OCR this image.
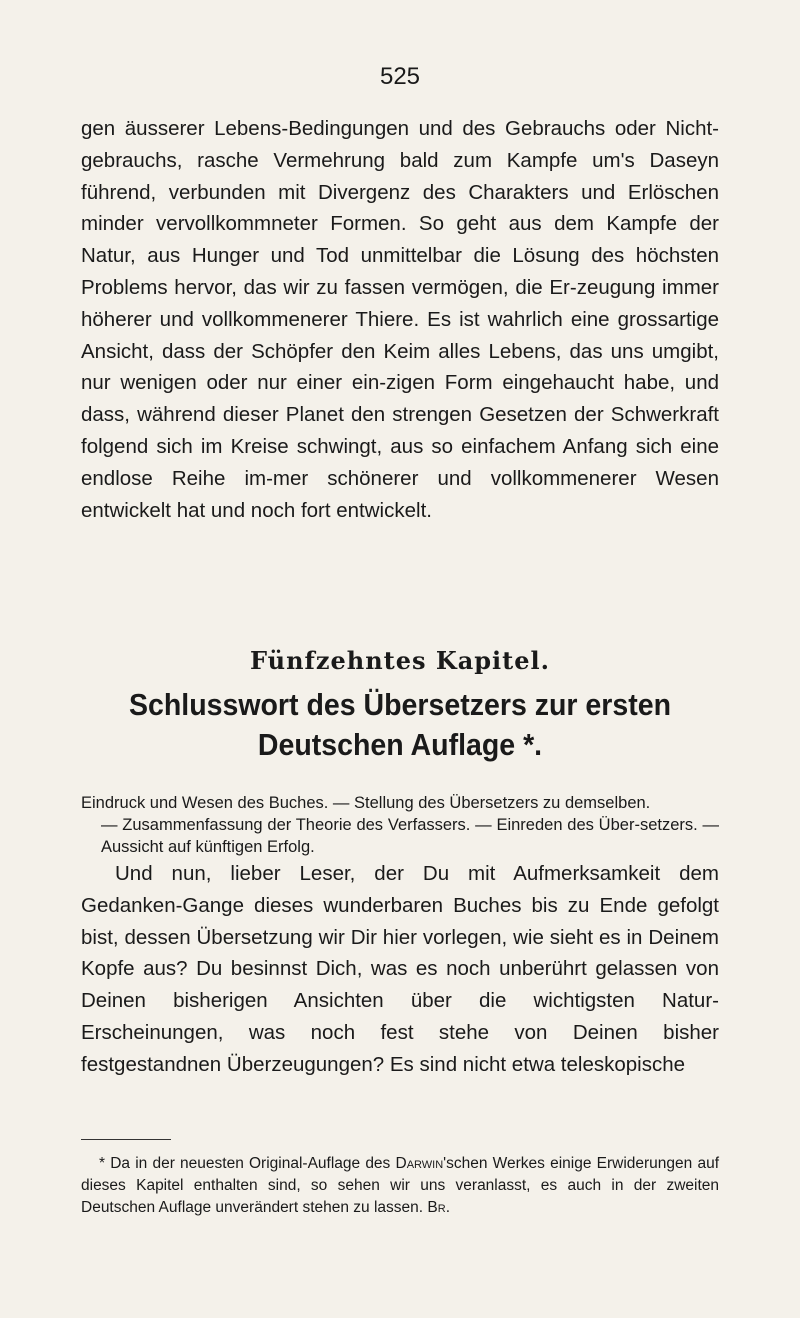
525

gen äusserer Lebens-Bedingungen und des Gebrauchs oder Nicht-gebrauchs, rasche Vermehrung bald zum Kampfe um's Daseyn führend, verbunden mit Divergenz des Charakters und Erlöschen minder vervollkommneter Formen. So geht aus dem Kampfe der Natur, aus Hunger und Tod unmittelbar die Lösung des höchsten Problems hervor, das wir zu fassen vermögen, die Er-zeugung immer höherer und vollkommenerer Thiere. Es ist wahrlich eine grossartige Ansicht, dass der Schöpfer den Keim alles Lebens, das uns umgibt, nur wenigen oder nur einer ein-zigen Form eingehaucht habe, und dass, während dieser Planet den strengen Gesetzen der Schwerkraft folgend sich im Kreise schwingt, aus so einfachem Anfang sich eine endlose Reihe im-mer schönerer und vollkommenerer Wesen entwickelt hat und noch fort entwickelt.

Fünfzehntes Kapitel.
Schlusswort des Übersetzers zur ersten Deutschen Auflage *.

Eindruck und Wesen des Buches. — Stellung des Übersetzers zu demselben.
— Zusammenfassung der Theorie des Verfassers. — Einreden des Über-setzers. — Aussicht auf künftigen Erfolg.

Und nun, lieber Leser, der Du mit Aufmerksamkeit dem Gedanken-Gange dieses wunderbaren Buches bis zu Ende gefolgt bist, dessen Übersetzung wir Dir hier vorlegen, wie sieht es in Deinem Kopfe aus? Du besinnst Dich, was es noch unberührt gelassen von Deinen bisherigen Ansichten über die wichtigsten Natur-Erscheinungen, was noch fest stehe von Deinen bisher festgestandnen Überzeugungen? Es sind nicht etwa teleskopische

* Da in der neuesten Original-Auflage des Darwin'schen Werkes einige Erwiderungen auf dieses Kapitel enthalten sind, so sehen wir uns veranlasst, es auch in der zweiten Deutschen Auflage unverändert stehen zu lassen. Br.
